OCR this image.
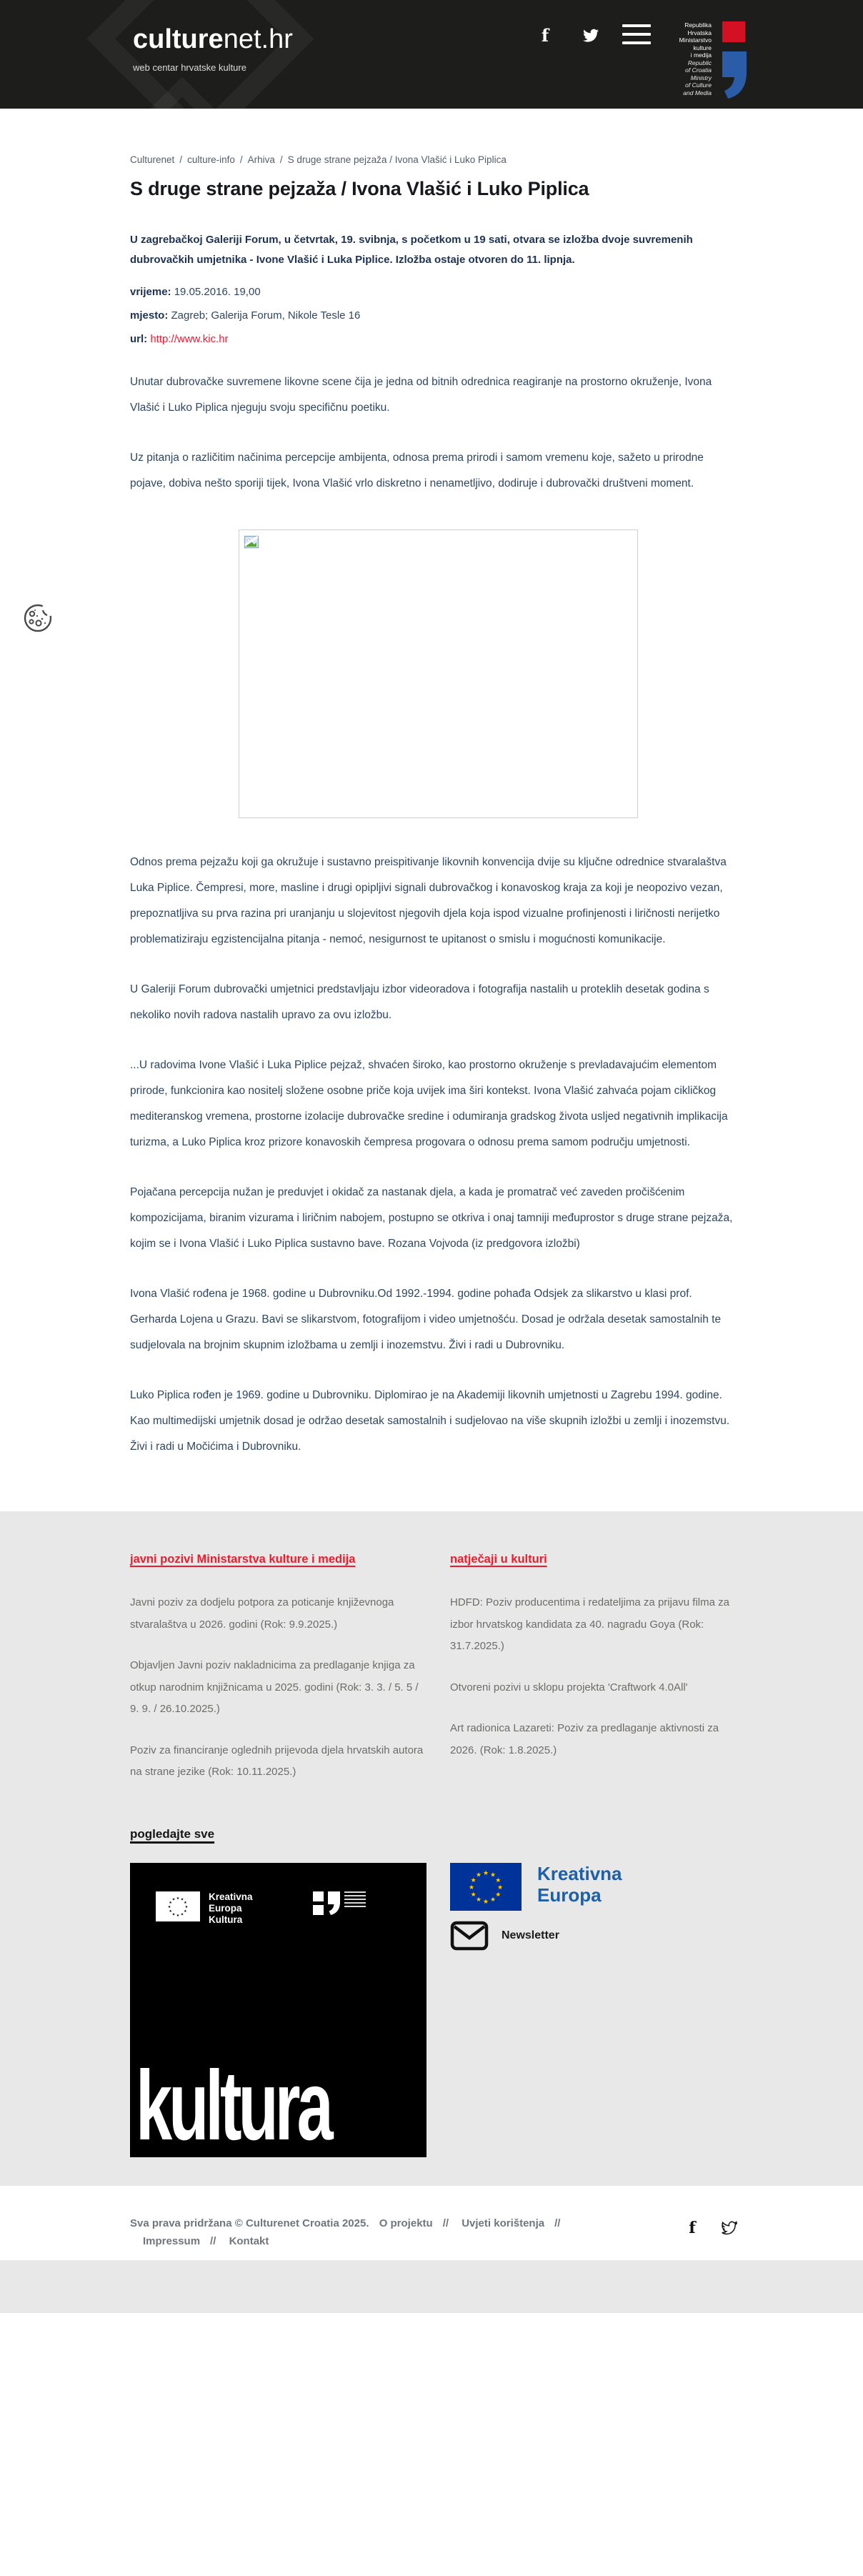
culturenet.hr
web centar hrvatske kulture
f	Republika
Hrvatska
Ministarstvo
kulture
i medija
Republic
of Croatia
Ministry
of Culture
and Media
Culturenet / culture-info / Arhiva / S druge strane pejzaža / Ivona Vlašić i Luko Piplica
S druge strane pejzaža / Ivona Vlašić i Luko Piplica

U zagrebačkoj Galeriji Forum, u četvrtak, 19. svibnja, s početkom u 19 sati, otvara se izložba dvoje suvremenih dubrovačkih umjetnika - Ivone Vlašić i Luka Piplice. Izložba ostaje otvoren do 11. lipnja.

vrijeme: 19.05.2016. 19,00
mjesto: Zagreb; Galerija Forum, Nikole Tesle 16
url: http://www.kic.hr

Unutar dubrovačke suvremene likovne scene čija je jedna od bitnih odrednica reagiranje na prostorno okruženje, Ivona Vlašić i Luko Piplica njeguju svoju specifičnu poetiku.

Uz pitanja o različitim načinima percepcije ambijenta, odnosa prema prirodi i samom vremenu koje, sažeto u prirodne pojave, dobiva nešto sporiji tijek, Ivona Vlašić vrlo diskretno i nenametljivo, dodiruje i dubrovački društveni moment.

Odnos prema pejzažu koji ga okružuje i sustavno preispitivanje likovnih konvencija dvije su ključne odrednice stvaralaštva Luka Piplice. Čempresi, more, masline i drugi opipljivi signali dubrovačkog i konavoskog kraja za koji je neopozivo vezan, prepoznatljiva su prva razina pri uranjanju u slojevitost njegovih djela koja ispod vizualne profinjenosti i liričnosti nerijetko problematiziraju egzistencijalna pitanja - nemoć, nesigurnost te upitanost o smislu i mogućnosti komunikacije.

U Galeriji Forum dubrovački umjetnici predstavljaju izbor videoradova i fotografija nastalih u proteklih desetak godina s nekoliko novih radova nastalih upravo za ovu izložbu.

...U radovima Ivone Vlašić i Luka Piplice pejzaž, shvaćen široko, kao prostorno okruženje s prevladavajućim elementom prirode, funkcionira kao nositelj složene osobne priče koja uvijek ima širi kontekst. Ivona Vlašić zahvaća pojam cikličkog mediteranskog vremena, prostorne izolacije dubrovačke sredine i odumiranja gradskog života usljed negativnih implikacija turizma, a Luko Piplica kroz prizore konavoskih čempresa progovara o odnosu prema samom području umjetnosti.

Pojačana percepcija nužan je preduvjet i okidač za nastanak djela, a kada je promatrač već zaveden pročišćenim kompozicijama, biranim vizurama i liričnim nabojem, postupno se otkriva i onaj tamniji međuprostor s druge strane pejzaža, kojim se i Ivona Vlašić i Luko Piplica sustavno bave. Rozana Vojvoda (iz predgovora izložbi)

Ivona Vlašić rođena je 1968. godine u Dubrovniku.Od 1992.-1994. godine pohađa Odsjek za slikarstvo u klasi prof. Gerharda Lojena u Grazu. Bavi se slikarstvom, fotografijom i video umjetnošću. Dosad je održala desetak samostalnih te sudjelovala na brojnim skupnim izložbama u zemlji i inozemstvu. Živi i radi u Dubrovniku.

Luko Piplica rođen je 1969. godine u Dubrovniku. Diplomirao je na Akademiji likovnih umjetnosti u Zagrebu 1994. godine. Kao multimedijski umjetnik dosad je održao desetak samostalnih i sudjelovao na više skupnih izložbi u zemlji i inozemstvu. Živi i radi u Močićima i Dubrovniku.

javni pozivi Ministarstva kulture i medija
Javni poziv za dodjelu potpora za poticanje književnoga stvaralaštva u 2026. godini (Rok: 9.9.2025.)
Objavljen Javni poziv nakladnicima za predlaganje knjiga za otkup narodnim knjižnicama u 2025. godini (Rok: 3. 3. / 5. 5 / 9. 9. / 26.10.2025.)
Poziv za financiranje oglednih prijevoda djela hrvatskih autora na strane jezike (Rok: 10.11.2025.)
natječaji u kulturi
HDFD: Poziv producentima i redateljima za prijavu filma za izbor hrvatskog kandidata za 40. nagradu Goya (Rok: 31.7.2025.)
Otvoreni pozivi u sklopu projekta 'Craftwork 4.0All'
Art radionica Lazareti: Poziv za predlaganje aktivnosti za 2026. (Rok: 1.8.2025.)
pogledajte sve
★ ★
★
★
★
★
★
★
★
★
★
★	Kreativna Europa Kultura
kultura
★ ★
★
★
★
★
★
★
★
★
★
★	Kreativna
Europa
Newsletter
Sva prava pridržana © Culturenet Croatia 2025. O projektu // Uvjeti korištenja //
Impressum // Kontakt
f
